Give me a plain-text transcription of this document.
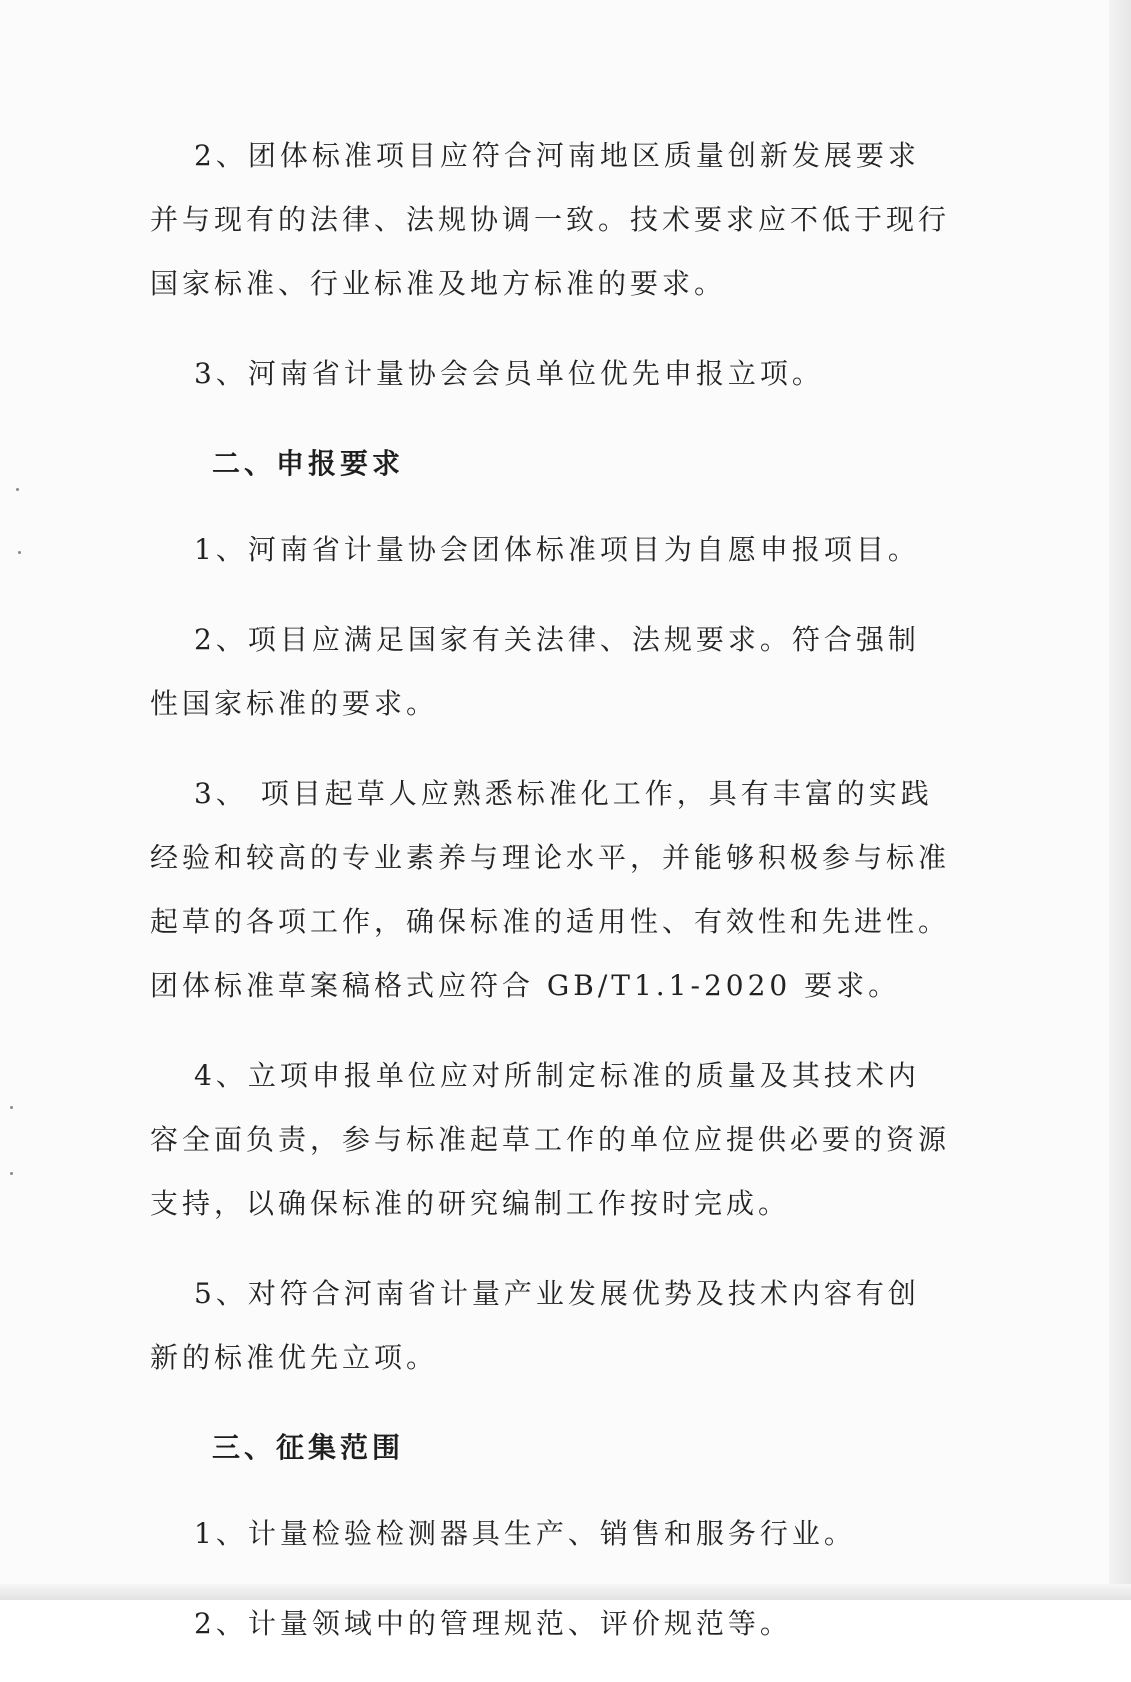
2、团体标准项目应符合河南地区质量创新发展要求并与现有的法律、法规协调一致。技术要求应不低于现行国家标准、行业标准及地方标准的要求。

3、河南省计量协会会员单位优先申报立项。

二、申报要求

1、河南省计量协会团体标准项目为自愿申报项目。

2、项目应满足国家有关法律、法规要求。符合强制性国家标准的要求。

3、 项目起草人应熟悉标准化工作，具有丰富的实践经验和较高的专业素养与理论水平，并能够积极参与标准起草的各项工作，确保标准的适用性、有效性和先进性。团体标准草案稿格式应符合 GB/T1.1-2020 要求。

4、立项申报单位应对所制定标准的质量及其技术内容全面负责，参与标准起草工作的单位应提供必要的资源支持，以确保标准的研究编制工作按时完成。

5、对符合河南省计量产业发展优势及技术内容有创新的标准优先立项。

三、征集范围

1、计量检验检测器具生产、销售和服务行业。

2、计量领域中的管理规范、评价规范等。
